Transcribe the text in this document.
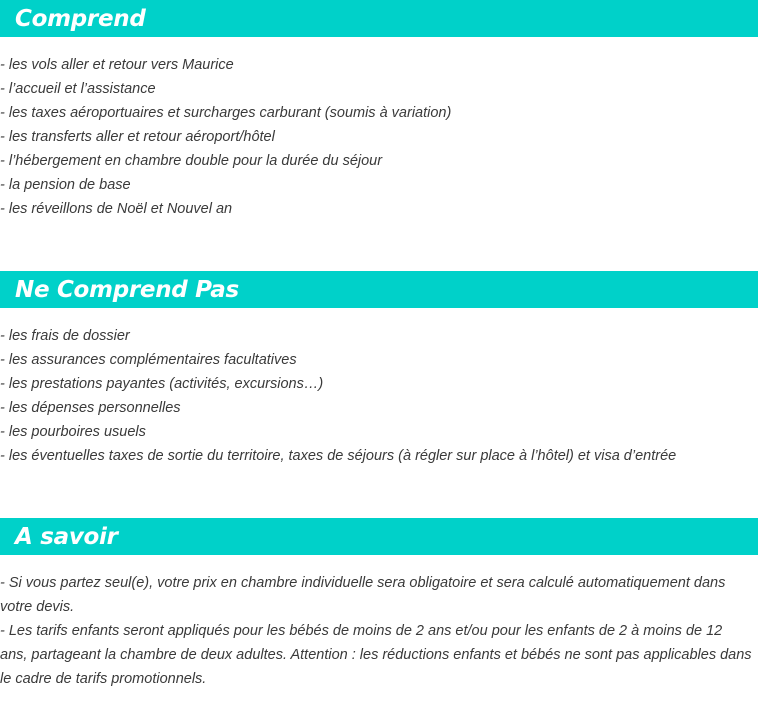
Comprend
- les vols aller et retour vers Maurice
- l’accueil et l’assistance
- les taxes aéroportuaires et surcharges carburant (soumis à variation)
- les transferts aller et retour aéroport/hôtel
- l’hébergement en chambre double pour la durée du séjour
- la pension de base
- les réveillons de Noël et Nouvel an
Ne Comprend Pas
- les frais de dossier
- les assurances complémentaires facultatives
- les prestations payantes (activités, excursions…)
- les dépenses personnelles
- les pourboires usuels
- les éventuelles taxes de sortie du territoire, taxes de séjours (à régler sur place à l’hôtel) et visa d’entrée
A savoir

- Si vous partez seul(e), votre prix en chambre individuelle sera obligatoire et sera calculé automatiquement dans votre devis.

- Les tarifs enfants seront appliqués pour les bébés de moins de 2 ans et/ou pour les enfants de 2 à moins de 12 ans, partageant la chambre de deux adultes. Attention : les réductions enfants et bébés ne sont pas applicables dans le cadre de tarifs promotionnels.
